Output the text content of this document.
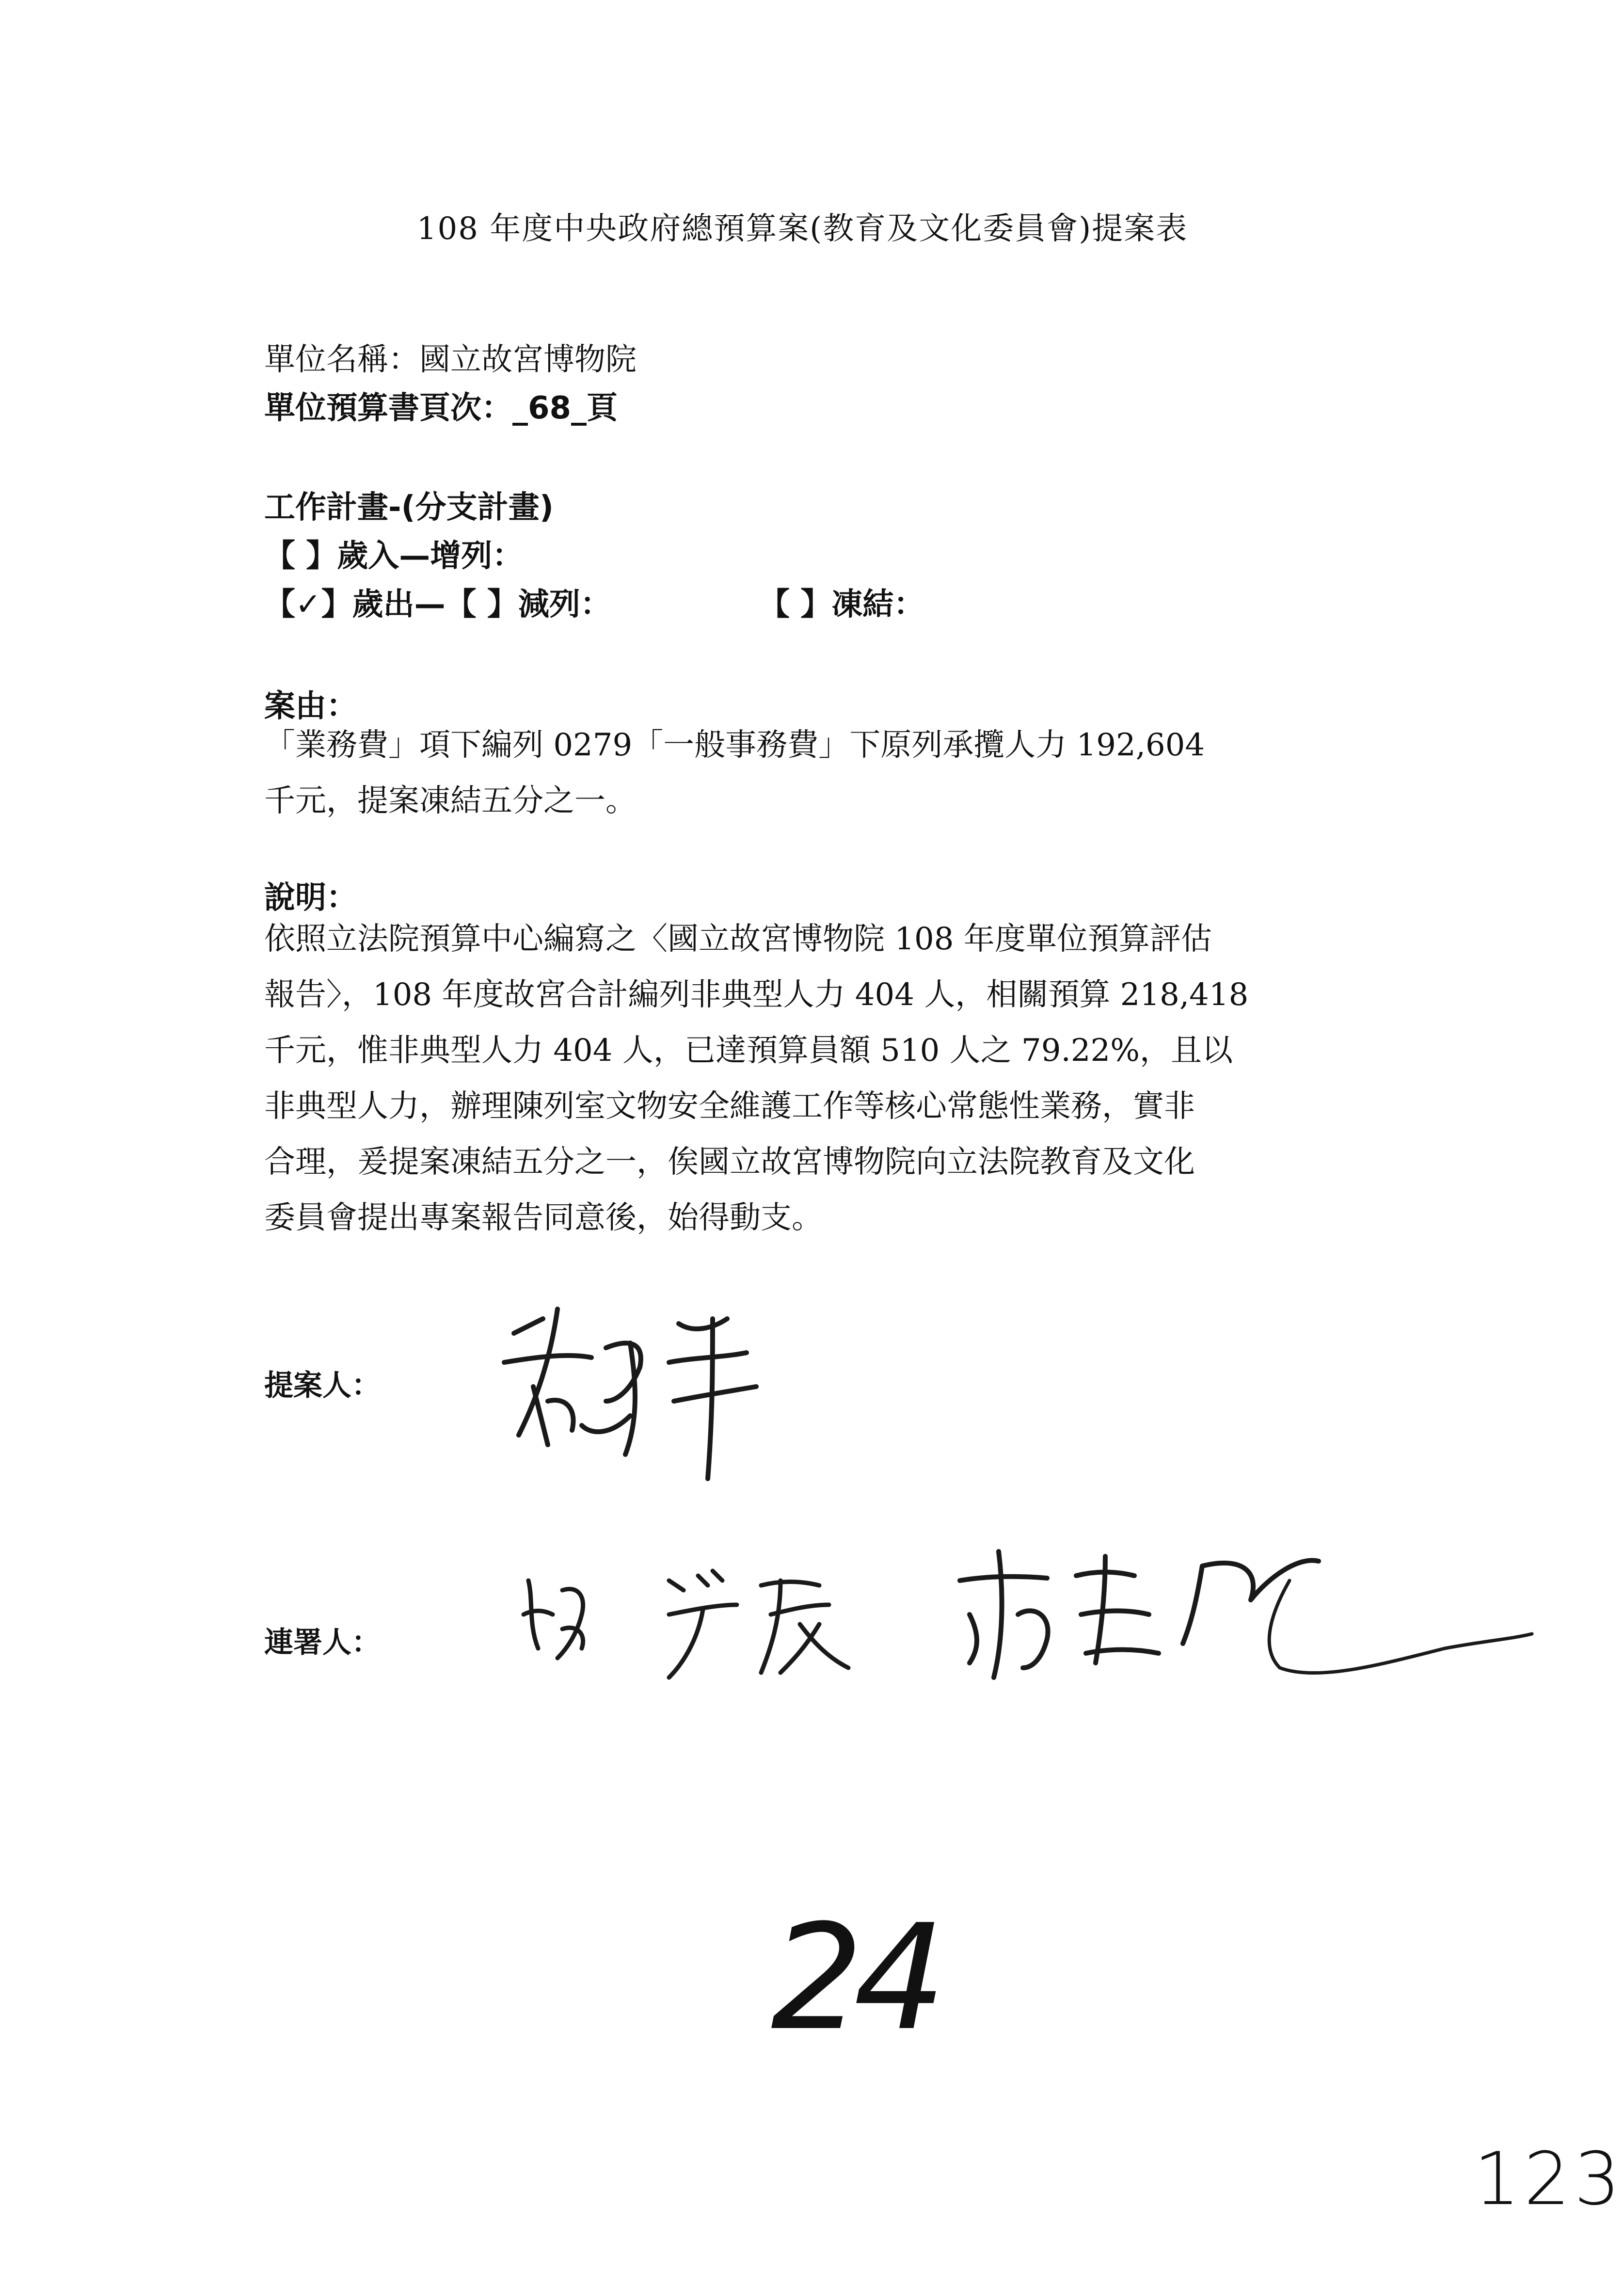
108 年度中央政府總預算案(教育及文化委員會)提案表
單位名稱：國立故宮博物院
單位預算書頁次：_68_頁
工作計畫-(分支計畫)
【 】歲入—增列：
【✓】歲出—【 】減列：	【 】凍結：
案由：

「業務費」項下編列 0279「一般事務費」下原列承攬人力 192,604

千元，提案凍結五分之一。

說明：

依照立法院預算中心編寫之〈國立故宮博物院 108 年度單位預算評估

報告〉，108 年度故宮合計編列非典型人力 404 人，相關預算 218,418

千元，惟非典型人力 404 人，已達預算員額 510 人之 79.22%，且以

非典型人力，辦理陳列室文物安全維護工作等核心常態性業務，實非

合理，爰提案凍結五分之一，俟國立故宮博物院向立法院教育及文化

委員會提出專案報告同意後，始得動支。

提案人：
連署人：
24
123
